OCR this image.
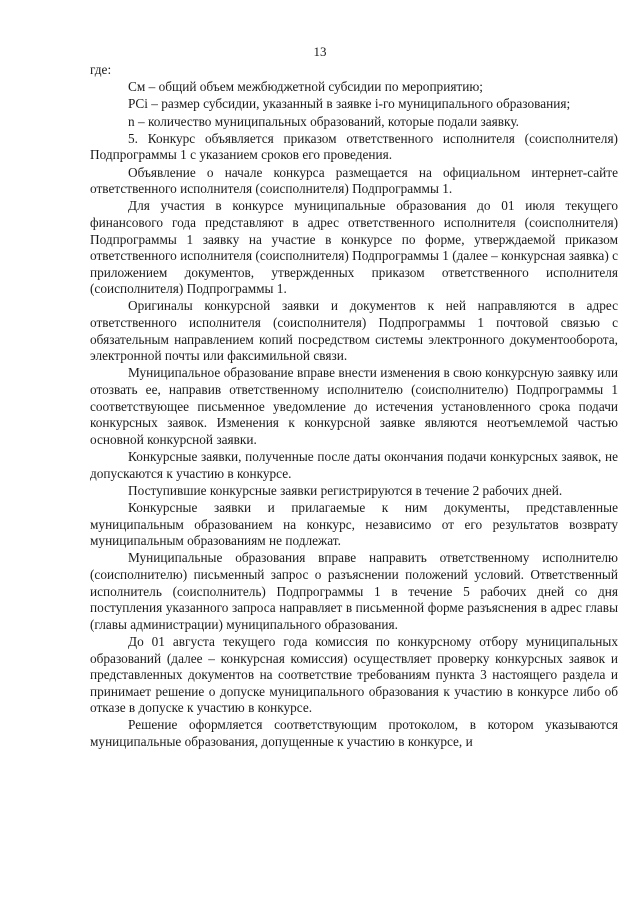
13

где:

Cм – общий объем межбюджетной субсидии по мероприятию;

PCi – размер субсидии, указанный в заявке i-го муниципального образования;

n – количество муниципальных образований, которые подали заявку.

5. Конкурс объявляется приказом ответственного исполнителя (соисполнителя) Подпрограммы 1 с указанием сроков его проведения.

Объявление о начале конкурса размещается на официальном интернет-сайте ответственного исполнителя (соисполнителя) Подпрограммы 1.

Для участия в конкурсе муниципальные образования до 01 июля текущего финансового года представляют в адрес ответственного исполнителя (соисполнителя) Подпрограммы 1 заявку на участие в конкурсе по форме, утверждаемой приказом ответственного исполнителя (соисполнителя) Подпрограммы 1 (далее – конкурсная заявка) с приложением документов, утвержденных приказом ответственного исполнителя (соисполнителя) Подпрограммы 1.

Оригиналы конкурсной заявки и документов к ней направляются в адрес ответственного исполнителя (соисполнителя) Подпрограммы 1 почтовой связью с обязательным направлением копий посредством системы электронного документооборота, электронной почты или факсимильной связи.

Муниципальное образование вправе внести изменения в свою конкурсную заявку или отозвать ее, направив ответственному исполнителю (соисполнителю) Подпрограммы 1 соответствующее письменное уведомление до истечения установленного срока подачи конкурсных заявок. Изменения к конкурсной заявке являются неотъемлемой частью основной конкурсной заявки.

Конкурсные заявки, полученные после даты окончания подачи конкурсных заявок, не допускаются к участию в конкурсе.

Поступившие конкурсные заявки регистрируются в течение 2 рабочих дней.

Конкурсные заявки и прилагаемые к ним документы, представленные муниципальным образованием на конкурс, независимо от его результатов возврату муниципальным образованиям не подлежат.

Муниципальные образования вправе направить ответственному исполнителю (соисполнителю) письменный запрос о разъяснении положений условий. Ответственный исполнитель (соисполнитель) Подпрограммы 1 в течение 5 рабочих дней со дня поступления указанного запроса направляет в письменной форме разъяснения в адрес главы (главы администрации) муниципального образования.

До 01 августа текущего года комиссия по конкурсному отбору муниципальных образований (далее – конкурсная комиссия) осуществляет проверку конкурсных заявок и представленных документов на соответствие требованиям пункта 3 настоящего раздела и принимает решение о допуске муниципального образования к участию в конкурсе либо об отказе в допуске к участию в конкурсе.

Решение оформляется соответствующим протоколом, в котором указываются муниципальные образования, допущенные к участию в конкурсе, и
